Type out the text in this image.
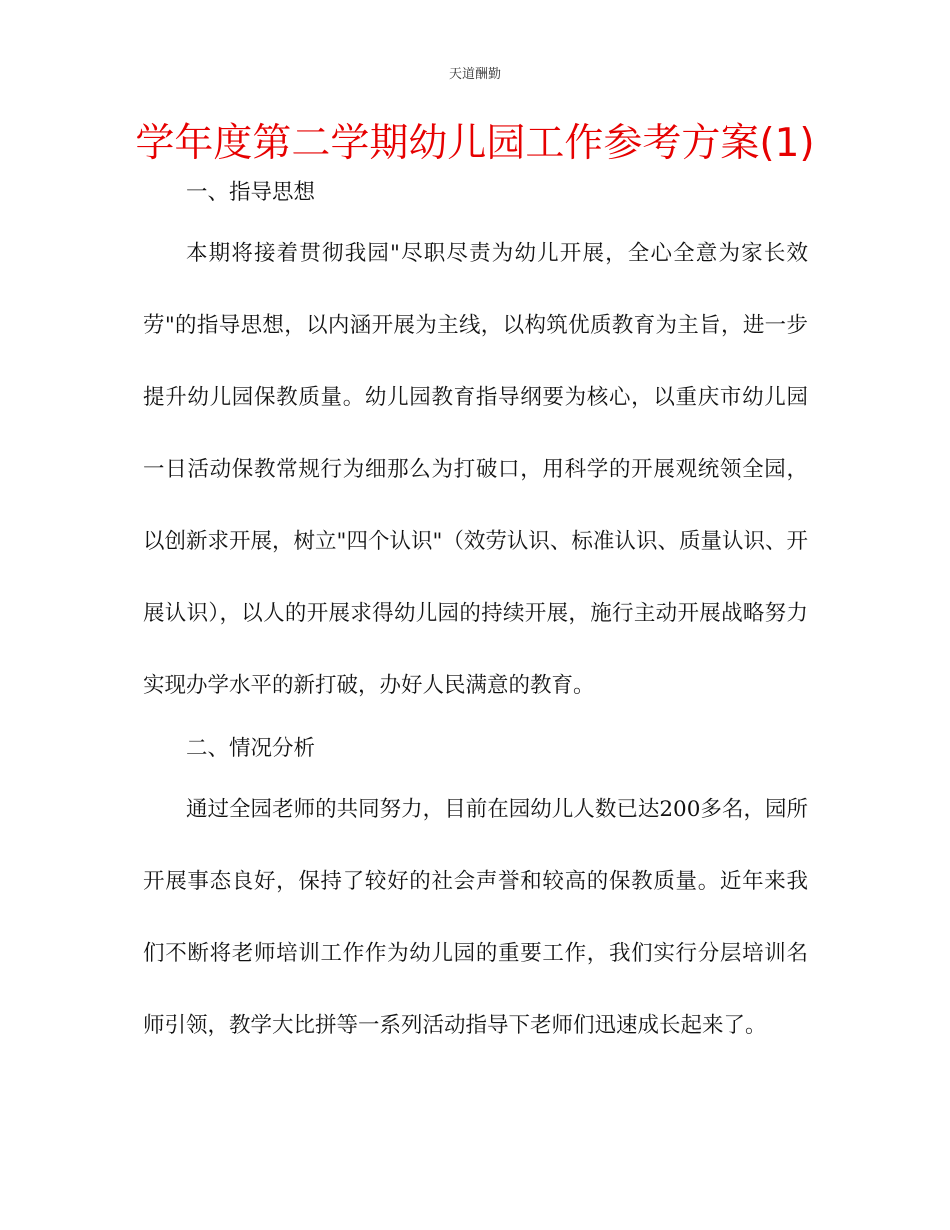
天道酬勤
学年度第二学期幼儿园工作参考方案(1)
一、指导思想

本期将接着贯彻我园"尽职尽责为幼儿开展，全心全意为家长效劳"的指导思想，以内涵开展为主线，以构筑优质教育为主旨，进一步提升幼儿园保教质量。幼儿园教育指导纲要为核心，以重庆市幼儿园一日活动保教常规行为细那么为打破口，用科学的开展观统领全园，以创新求开展，树立"四个认识"（效劳认识、标准认识、质量认识、开展认识），以人的开展求得幼儿园的持续开展，施行主动开展战略努力实现办学水平的新打破，办好人民满意的教育。

二、情况分析

通过全园老师的共同努力，目前在园幼儿人数已达200多名，园所开展事态良好，保持了较好的社会声誉和较高的保教质量。近年来我们不断将老师培训工作作为幼儿园的重要工作，我们实行分层培训名师引领，教学大比拼等一系列活动指导下老师们迅速成长起来了。
